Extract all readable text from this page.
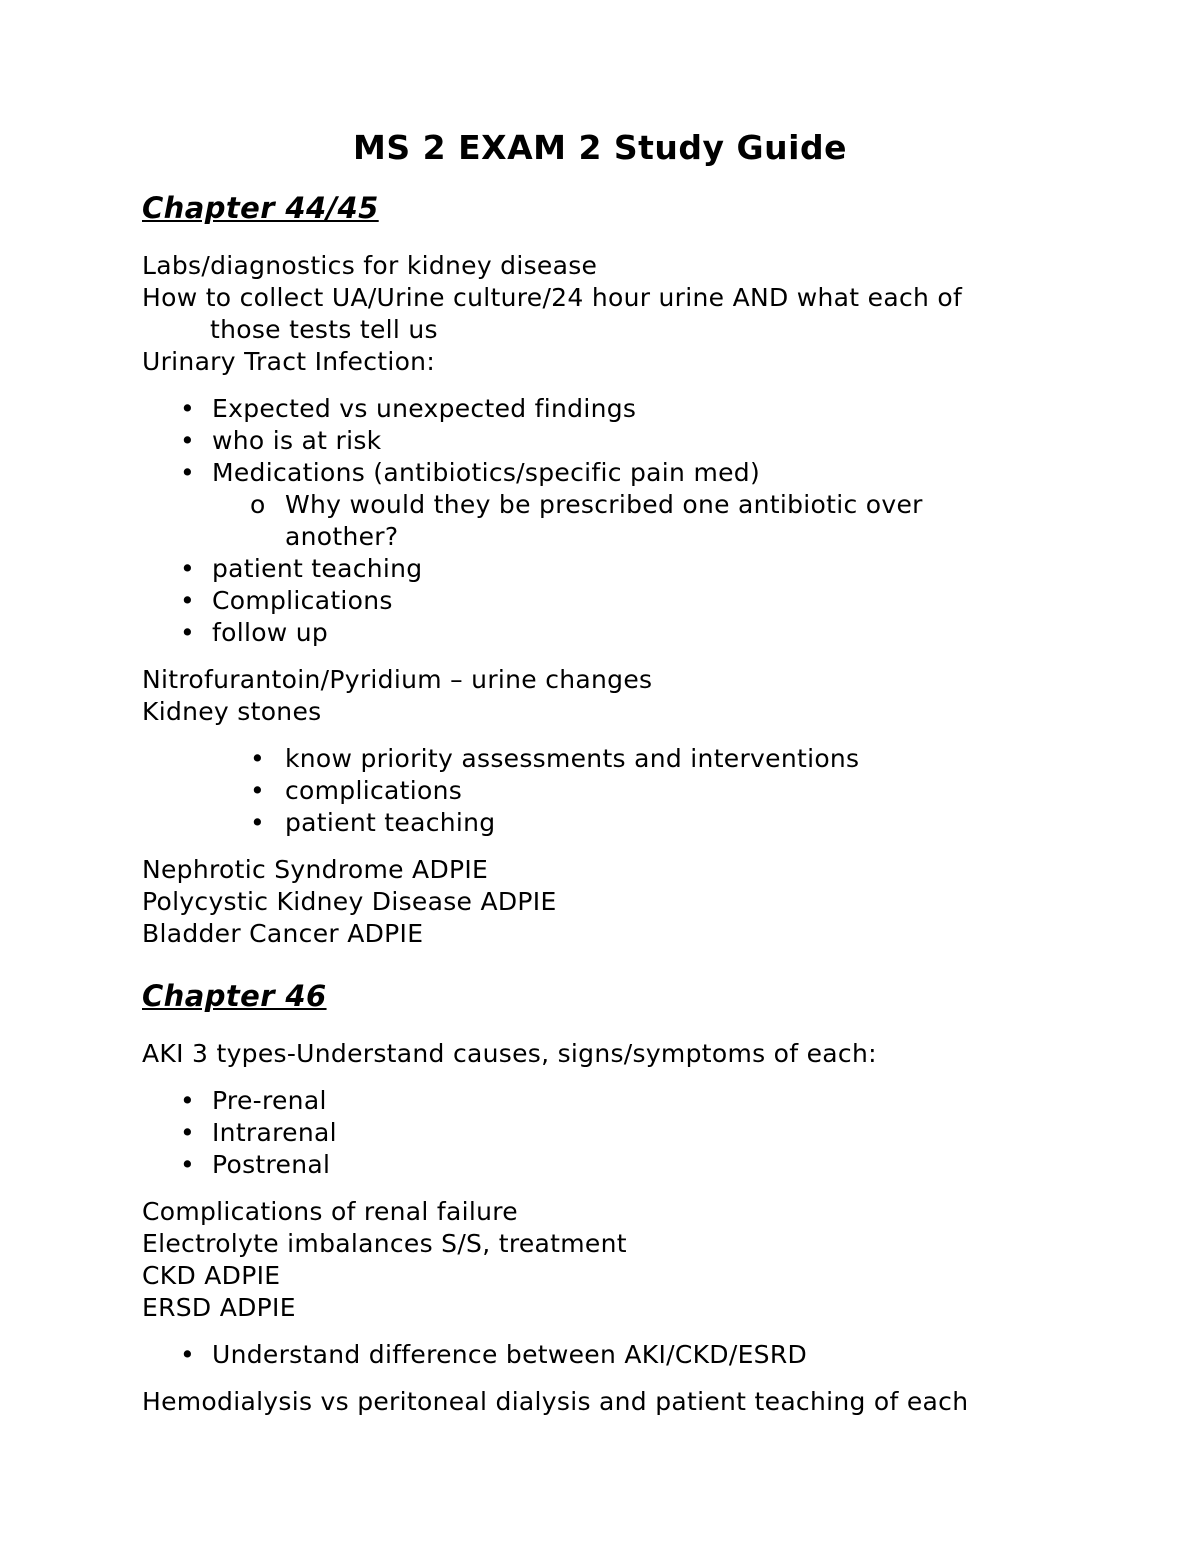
MS 2 EXAM 2 Study Guide
Chapter 44/45

Labs/diagnostics for kidney disease
How to collect UA/Urine culture/24 hour urine AND what each of
those tests tell us
Urinary Tract Infection:

• Expected vs unexpected findings
• who is at risk
• Medications (antibiotics/specific pain med)
o Why would they be prescribed one antibiotic over
another?
• patient teaching
• Complications
• follow up

Nitrofurantoin/Pyridium – urine changes
Kidney stones

• know priority assessments and interventions
• complications
• patient teaching

Nephrotic Syndrome ADPIE
Polycystic Kidney Disease ADPIE
Bladder Cancer ADPIE

Chapter 46

AKI 3 types-Understand causes, signs/symptoms of each:

• Pre-renal
• Intrarenal
• Postrenal

Complications of renal failure
Electrolyte imbalances S/S, treatment
CKD ADPIE
ERSD ADPIE

• Understand difference between AKI/CKD/ESRD

Hemodialysis vs peritoneal dialysis and patient teaching of each
